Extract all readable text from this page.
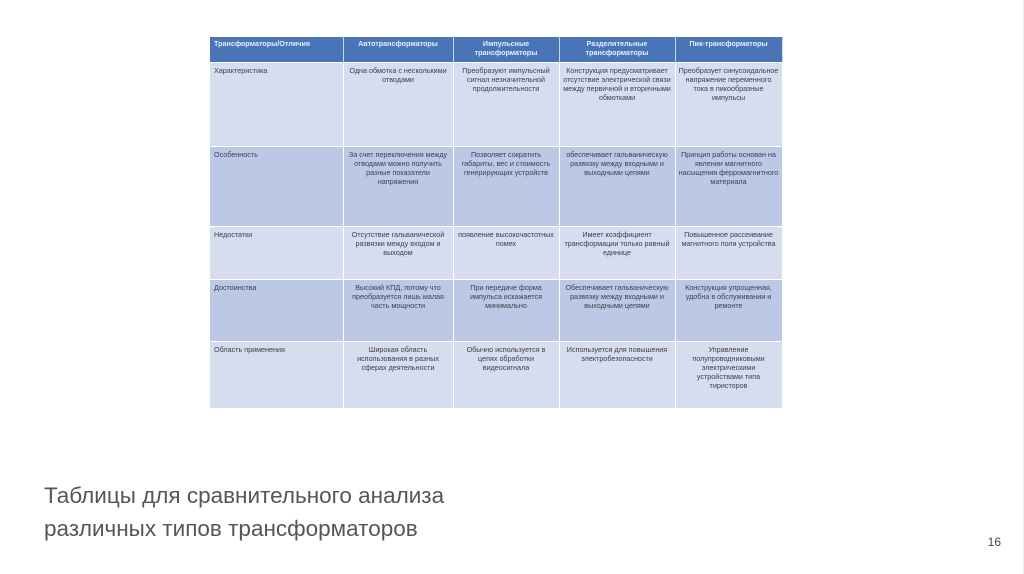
Трансформаторы/Отличия	Автотрансформаторы	Импульсные трансформаторы	Разделительные трансформаторы	Пик-трансформаторы
Характеристика	Одна обмотка с несколькими отводами	Преобразуют импульсный сигнал незначительной продолжительности	Конструкция предусматривает отсутствие электрической связи между первичной и вторичными обмотками	Преобразует синусоидальное напряжение переменного тока в пикообразные импульсы
Особенность	За счет переключения между отводами можно получить разные показатели напряжения	Позволяет сократить габариты, вес и стоимость генерирующих устройств	обеспечивает гальваническую развязку между входными и выходными цепями	Принцип работы основан на явлении магнитного насыщения ферромагнитного материала
Недостатки	Отсутствие гальванической развязки между входом и выходом	появление высокочастотных помех	Имеет коэффициент трансформации только равный единице	Повышенное рассеивание магнитного поля устройства
Достоинства	Высокий КПД, потому что преобразуется лишь малая часть мощности	При передаче форма импульса искажается минимально	Обеспечивает гальваническую развязку между входными и выходными цепями	Конструкция упрощенная, удобна в обслуживании и ремонте
Область применения	Широкая область использования в разных сферах деятельности	Обычно используется в цепях обработки видеосигнала	Используется для повышения электробезопасности	Управление полупроводниковыми электрическими устройствами типа тиристоров
Таблицы для сравнительного анализа
различных типов трансформаторов
16
